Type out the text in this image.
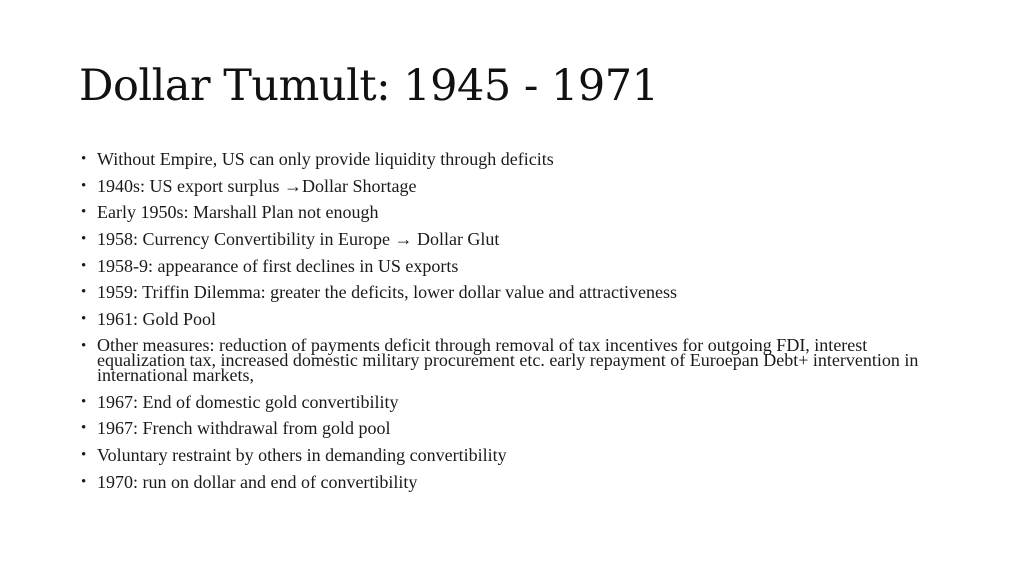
Dollar Tumult: 1945 - 1971
• Without Empire, US can only provide liquidity through deficits
• 1940s: US export surplus →Dollar Shortage
• Early 1950s: Marshall Plan not enough
• 1958: Currency Convertibility in Europe → Dollar Glut
• 1958-9: appearance of first declines in US exports
• 1959: Triffin Dilemma: greater the deficits, lower dollar value and attractiveness
• 1961: Gold Pool
• Other measures: reduction of payments deficit through removal of tax incentives for outgoing FDI, interest equalization tax, increased domestic military procurement etc. early repayment of Euroepan Debt+ intervention in international markets,
• 1967: End of domestic gold convertibility
• 1967: French withdrawal from gold pool
• Voluntary restraint by others in demanding convertibility
• 1970: run on dollar and end of convertibility
